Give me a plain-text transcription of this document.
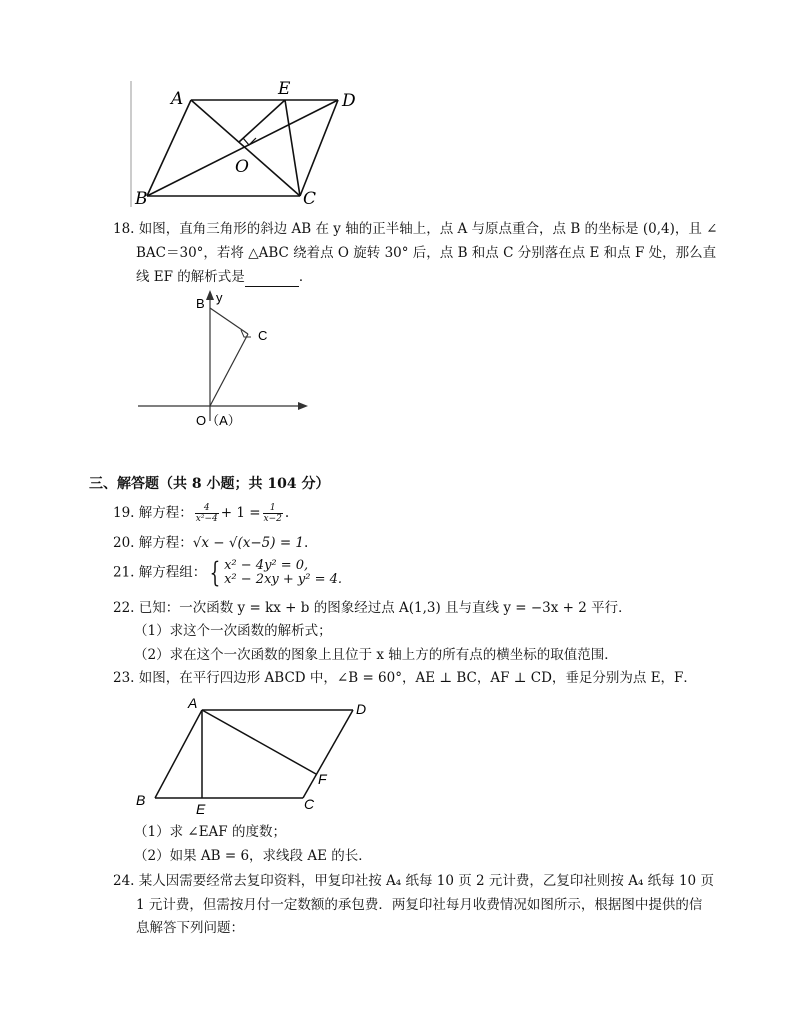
A	E
D
O
B	C
18. 如图，直角三角形的斜边 AB 在 y 轴的正半轴上，点 A 与原点重合，点 B 的坐标是 (0,4)，且 ∠
BAC＝30°，若将 △ABC 绕着点 O 旋转 30° 后，点 B 和点 C 分别落在点 E 和点 F 处，那么直
线 EF 的解析式是	．
B y
C
O（A）
三、解答题（共 8 小题；共 104 分）
19. 解方程： $\frac{4}{\text{x²−4}} + 1 = \frac{1}{x-2}$ .
20. 解方程：√x − √(x−5) = 1.
21. 解方程组： { x² − 4y² = 0,
x² − 2xy + y² = 4.
22. 已知：一次函数 y = kx + b 的图象经过点 A(1,3) 且与直线 y = −3x + 2 平行．
（1）求这个一次函数的解析式；
（2）求在这个一次函数的图象上且位于 x 轴上方的所有点的横坐标的取值范围．
23. 如图，在平行四边形 ABCD 中，∠B = 60°，AE ⊥ BC，AF ⊥ CD，垂足分别为点 E，F．
A	D
F
B
E	C
（1）求 ∠EAF 的度数；
（2）如果 AB = 6，求线段 AE 的长．
24. 某人因需要经常去复印资料，甲复印社按 A₄ 纸每 10 页 2 元计费，乙复印社则按 A₄ 纸每 10 页
1 元计费，但需按月付一定数额的承包费．两复印社每月收费情况如图所示，根据图中提供的信
息解答下列问题：
